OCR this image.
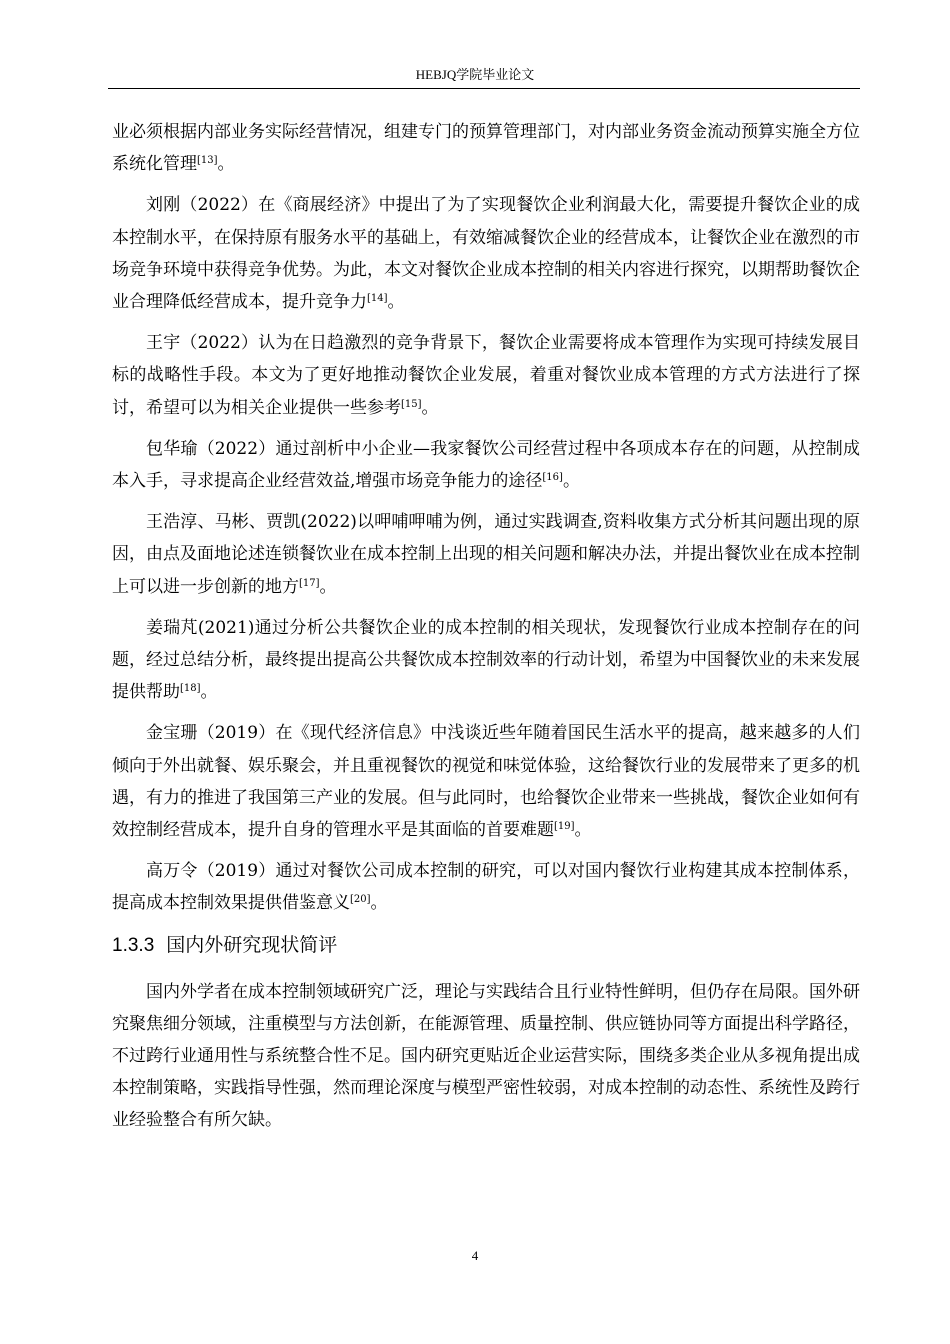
HEBJQ学院毕业论文

业必须根据内部业务实际经营情况，组建专门的预算管理部门，对内部业务资金流动预算实施全方位系统化管理[13]。

刘刚（2022）在《商展经济》中提出了为了实现餐饮企业利润最大化，需要提升餐饮企业的成本控制水平，在保持原有服务水平的基础上，有效缩减餐饮企业的经营成本，让餐饮企业在激烈的市场竞争环境中获得竞争优势。为此，本文对餐饮企业成本控制的相关内容进行探究，以期帮助餐饮企业合理降低经营成本，提升竞争力[14]。

王宇（2022）认为在日趋激烈的竞争背景下，餐饮企业需要将成本管理作为实现可持续发展目标的战略性手段。本文为了更好地推动餐饮企业发展，着重对餐饮业成本管理的方式方法进行了探讨，希望可以为相关企业提供一些参考[15]。

包华瑜（2022）通过剖析中小企业—我家餐饮公司经营过程中各项成本存在的问题，从控制成本入手，寻求提高企业经营效益,增强市场竞争能力的途径[16]。

王浩淳、马彬、贾凯(2022)以呷哺呷哺为例，通过实践调查,资料收集方式分析其问题出现的原因，由点及面地论述连锁餐饮业在成本控制上出现的相关问题和解决办法，并提出餐饮业在成本控制上可以进一步创新的地方[17]。

姜瑞芃(2021)通过分析公共餐饮企业的成本控制的相关现状，发现餐饮行业成本控制存在的问题，经过总结分析，最终提出提高公共餐饮成本控制效率的行动计划，希望为中国餐饮业的未来发展提供帮助[18]。

金宝珊（2019）在《现代经济信息》中浅谈近些年随着国民生活水平的提高，越来越多的人们倾向于外出就餐、娱乐聚会，并且重视餐饮的视觉和味觉体验，这给餐饮行业的发展带来了更多的机遇，有力的推进了我国第三产业的发展。但与此同时，也给餐饮企业带来一些挑战，餐饮企业如何有效控制经营成本，提升自身的管理水平是其面临的首要难题[19]。

高万令（2019）通过对餐饮公司成本控制的研究，可以对国内餐饮行业构建其成本控制体系，提高成本控制效果提供借鉴意义[20]。

1.3.3 国内外研究现状简评

国内外学者在成本控制领域研究广泛，理论与实践结合且行业特性鲜明，但仍存在局限。国外研究聚焦细分领域，注重模型与方法创新，在能源管理、质量控制、供应链协同等方面提出科学路径，不过跨行业通用性与系统整合性不足。国内研究更贴近企业运营实际，围绕多类企业从多视角提出成本控制策略，实践指导性强，然而理论深度与模型严密性较弱，对成本控制的动态性、系统性及跨行业经验整合有所欠缺。

4
